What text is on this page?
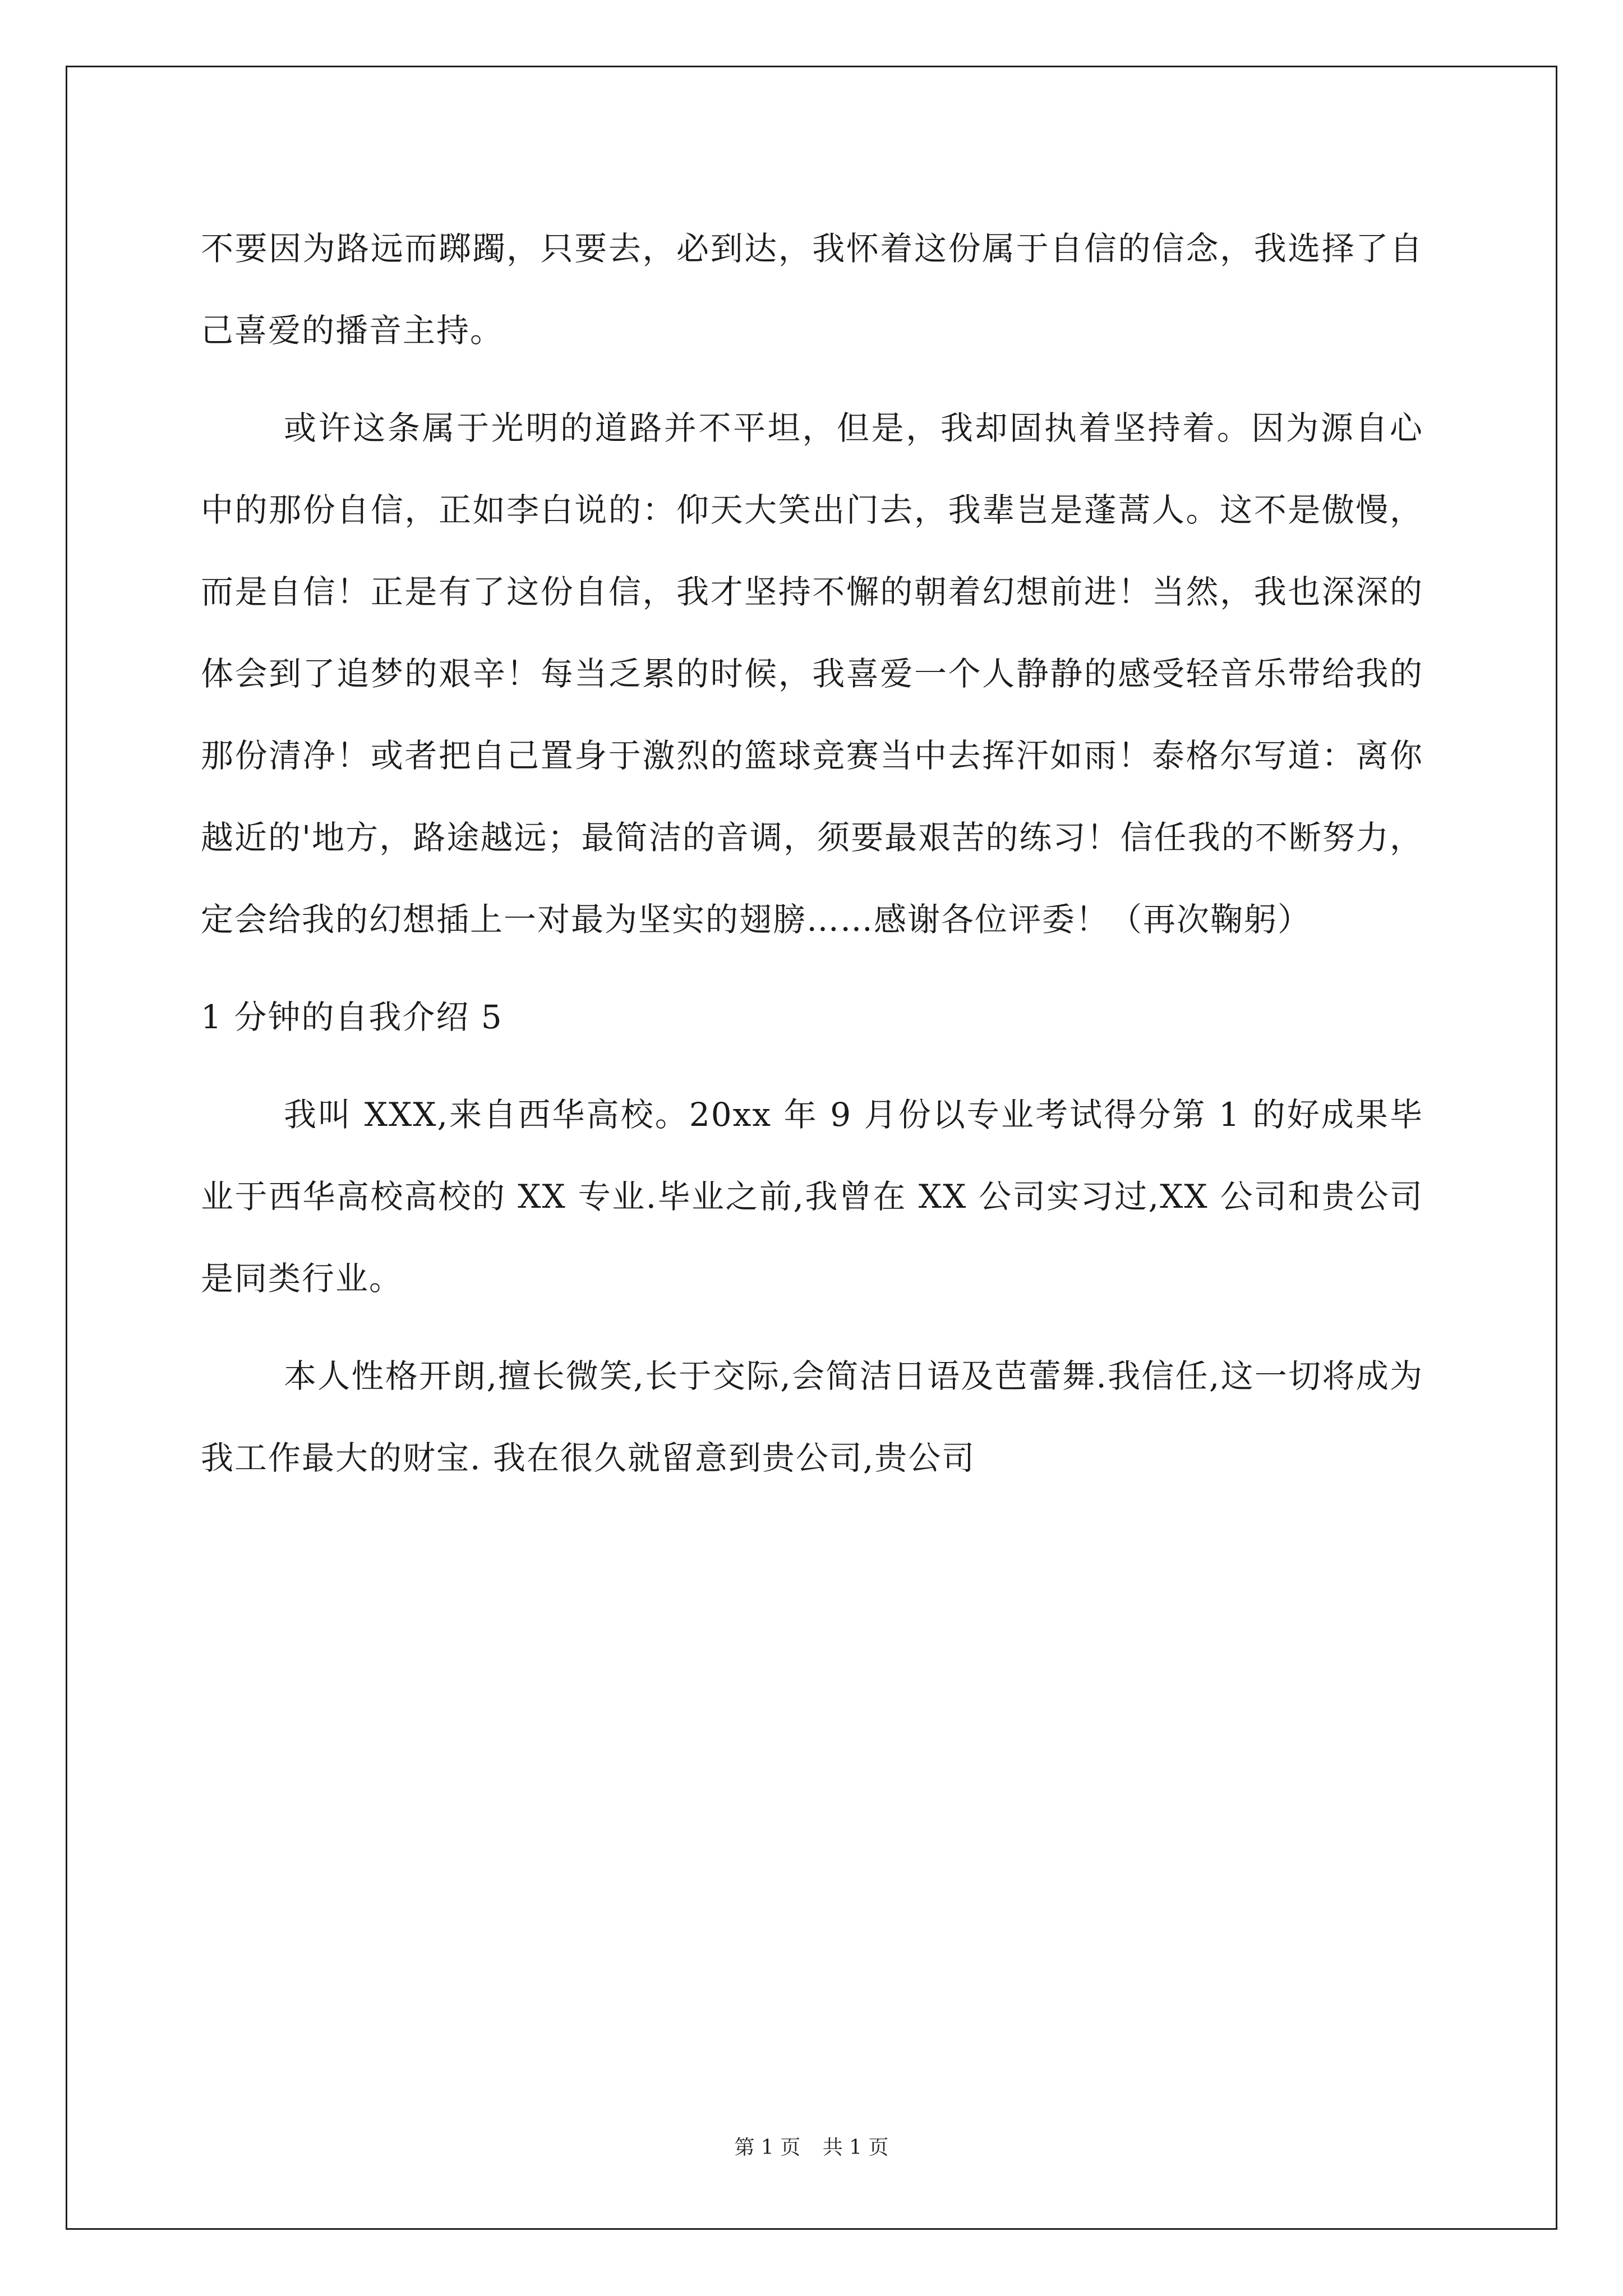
不要因为路远而踯躅，只要去，必到达，我怀着这份属于自信的信念，我选择了自己喜爱的播音主持。

或许这条属于光明的道路并不平坦，但是，我却固执着坚持着。因为源自心中的那份自信，正如李白说的：仰天大笑出门去，我辈岂是蓬蒿人。这不是傲慢，而是自信！正是有了这份自信，我才坚持不懈的朝着幻想前进！当然，我也深深的体会到了追梦的艰辛！每当乏累的时候，我喜爱一个人静静的感受轻音乐带给我的那份清净！或者把自己置身于激烈的篮球竞赛当中去挥汗如雨！泰格尔写道：离你越近的'地方，路途越远；最简洁的音调，须要最艰苦的练习！信任我的不断努力，定会给我的幻想插上一对最为坚实的翅膀……感谢各位评委！（再次鞠躬）

1 分钟的自我介绍 5

我叫 XXX,来自西华高校。20xx 年 9 月份以专业考试得分第 1 的好成果毕业于西华高校高校的 XX 专业.毕业之前,我曾在 XX 公司实习过,XX 公司和贵公司是同类行业。

本人性格开朗,擅长微笑,长于交际,会简洁日语及芭蕾舞.我信任,这一切将成为我工作最大的财宝. 我在很久就留意到贵公司,贵公司

第 1 页 共 1 页
